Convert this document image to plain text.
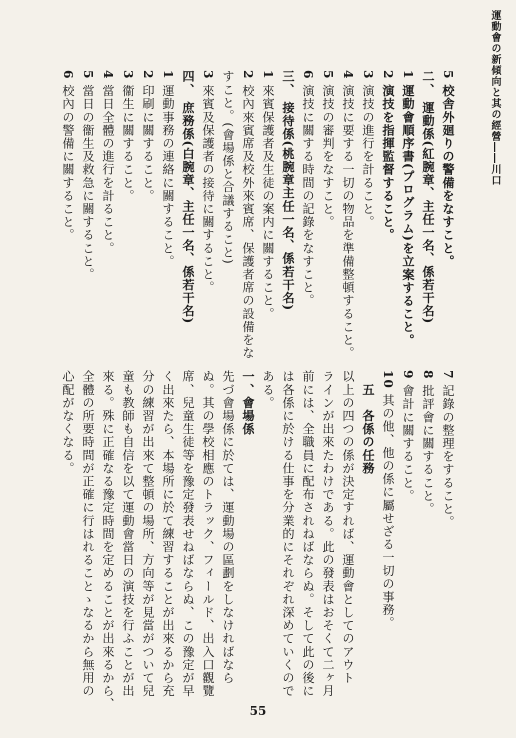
運動會の新傾向と其の經營――川口
5校舎外廻りの警備をなすこと。
二、運動係(紅腕章、主任一名、係若干名)
1運動會順序書(プログラム)を立案すること。
2演技を指揮監督すること。
3演技の進行を計ること。
4演技に要する一切の物品を準備整頓すること。
5演技の審判をなすこと。
6演技に關する時間の記錄をなすこと。
三、接待係(桃腕章主任一名、係若干名)
1來賓保護者及生徒の案内に關すること。
2校內來賓席及校外來賓席、保護者席の設備をな
すこと。(會場係と合議すること)
3來賓及保護者の接待に關すること。
四、庶務係(白腕章、主任一名、係若干名)
1運動事務の連絡に關すること。
2印刷に關すること。
3衞生に關すること。
4當日全體の進行を計ること。
5當日の衞生及救急に關すること。
6校內の警備に關すること。
7記錄の整理をすること。
8批評會に關すること。
9會計に關すること。
10其の他、他の係に屬せざる一切の事務。
　五　各係の任務
以上の四つの係が決定すれば、運動會としてのアウト
ラインが出來たわけである。此の發表はおそくて二ヶ月
前には、全職員に配布されねばならぬ。そして此の後に
は各係に於ける仕事を分業的にそれぞれ深めていくので
ある。
一、會場係
先づ會場係に於ては、運動場の區劃をしなければなら
ぬ。其の學校相應のトラック、フィールド、出入口觀覽
席、兒童生徒等を豫定發表せねばならぬ、この豫定が早
く出來たら、本場所に於て練習することが出來るから充
分の練習が出來て整頓の場所、方向等が見當がついて兒
童も教師も自信を以て運動會當日の演技を行ふことが出
來る。殊に正確なる豫定時間を定めることが出來るから、
全體の所要時間が正確に行はれることゝなるから無用の
心配がなくなる。
55
